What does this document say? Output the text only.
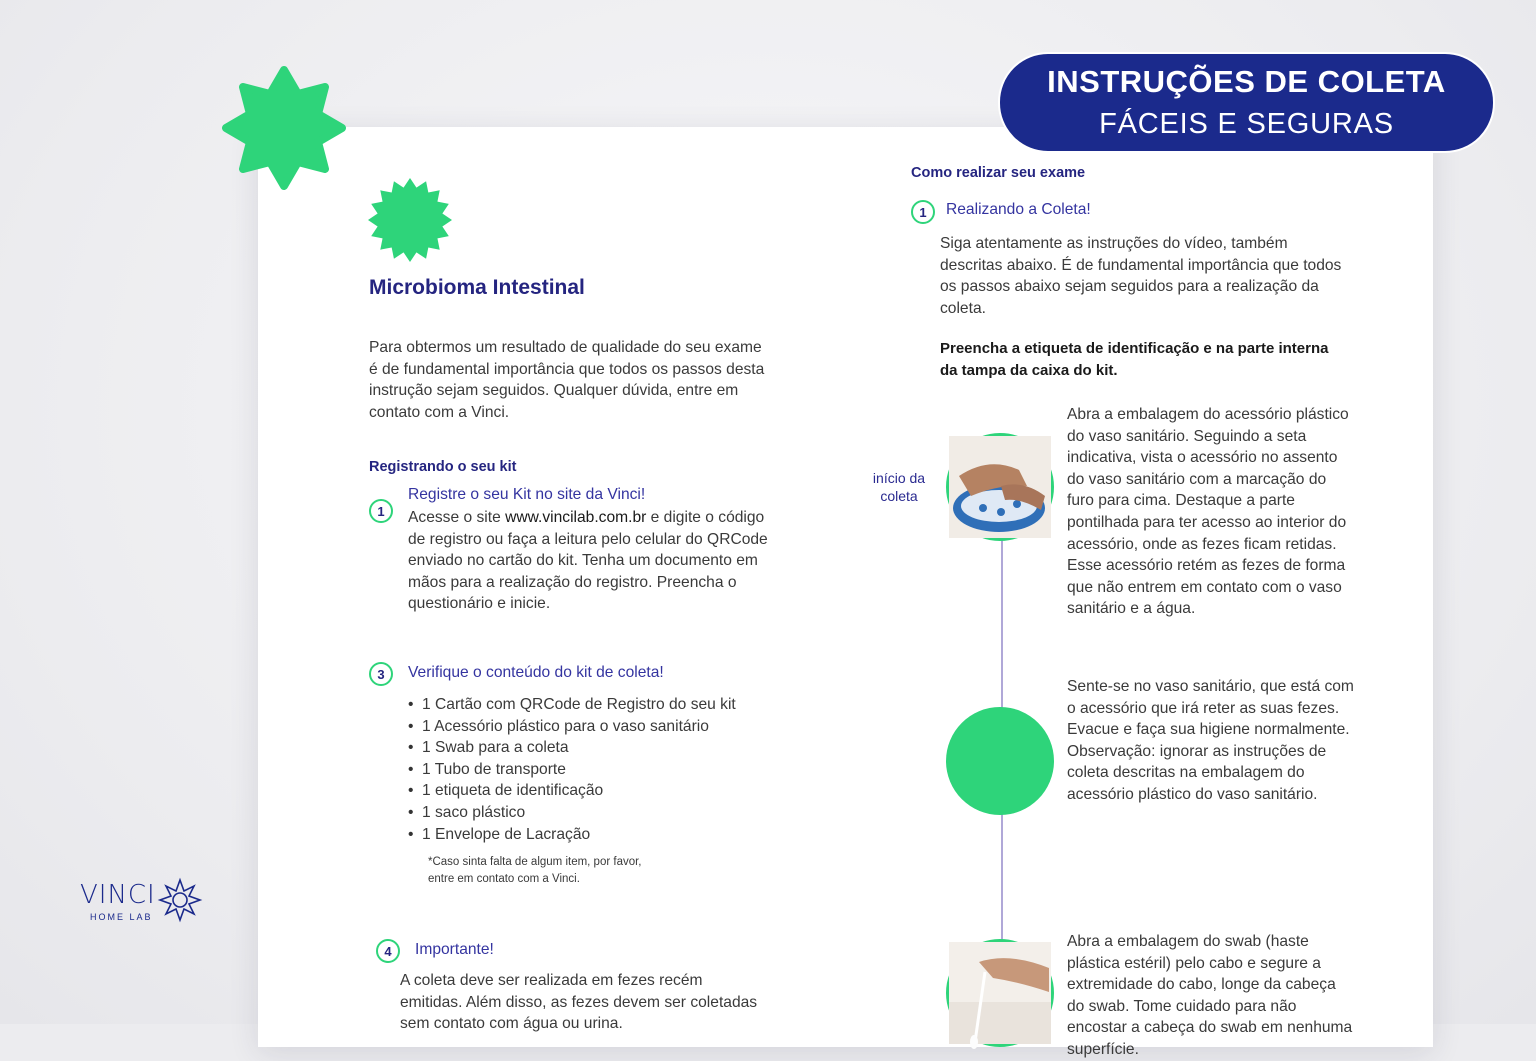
INSTRUÇÕES DE COLETA
FÁCEIS E SEGURAS
Microbioma Intestinal

Para obtermos um resultado de qualidade do seu exame é de fundamental importância que todos os passos desta instrução sejam seguidos. Qualquer dúvida, entre em contato com a Vinci.

Registrando o seu kit
1
Registre o seu Kit no site da Vinci!

Acesse o site www.vincilab.com.br e digite o código de registro ou faça a leitura pelo celular do QRCode enviado no cartão do kit. Tenha um documento em mãos para a realização do registro. Preencha o questionário e inicie.

3	Verifique o conteúdo do kit de coleta!
• 1 Cartão com QRCode de Registro do seu kit
• 1 Acessório plástico para o vaso sanitário
• 1 Swab para a coleta
• 1 Tubo de transporte
• 1 etiqueta de identificação
• 1 saco plástico
• 1 Envelope de Lacração
*Caso sinta falta de algum item, por favor,
entre em contato com a Vinci.
4	Importante!

A coleta deve ser realizada em fezes recém emitidas. Além disso, as fezes devem ser coletadas sem contato com água ou urina.

Como realizar seu exame
1	Realizando a Coleta!

Siga atentamente as instruções do vídeo, também descritas abaixo. É de fundamental importância que todos os passos abaixo sejam seguidos para a realização da coleta.

Preencha a etiqueta de identificação e na parte interna da tampa da caixa do kit.

início da
coleta

Abra a embalagem do acessório plástico do vaso sanitário. Seguindo a seta indicativa, vista o acessório no assento do vaso sanitário com a marcação do furo para cima. Destaque a parte pontilhada para ter acesso ao interior do acessório, onde as fezes ficam retidas. Esse acessório retém as fezes de forma que não entrem em contato com o vaso sanitário e a água.

Sente-se no vaso sanitário, que está com o acessório que irá reter as suas fezes. Evacue e faça sua higiene normalmente. Observação: ignorar as instruções de coleta descritas na embalagem do acessório plástico do vaso sanitário.

Abra a embalagem do swab (haste plástica estéril) pelo cabo e segure a extremidade do cabo, longe da cabeça do swab. Tome cuidado para não encostar a cabeça do swab em nenhuma superfície.

VINCI
HOME LAB
